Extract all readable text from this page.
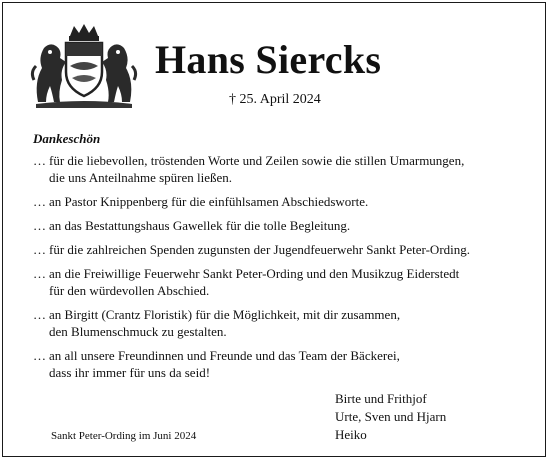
Hans Siercks
† 25. April 2024
Dankeschön
… für die liebevollen, tröstenden Worte und Zeilen sowie die stillen Umarmungen,
die uns Anteilnahme spüren ließen.
… an Pastor Knippenberg für die einfühlsamen Abschiedsworte.
… an das Bestattungshaus Gawellek für die tolle Begleitung.
… für die zahlreichen Spenden zugunsten der Jugendfeuerwehr Sankt Peter-Ording.
… an die Freiwillige Feuerwehr Sankt Peter-Ording und den Musikzug Eiderstedt
für den würdevollen Abschied.
… an Birgitt (Crantz Floristik) für die Möglichkeit, mit dir zusammen,
den Blumenschmuck zu gestalten.
… an all unsere Freundinnen und Freunde und das Team der Bäckerei,
dass ihr immer für uns da seid!
Birte und Frithjof
Urte, Sven und Hjarn
Heiko
Sankt Peter-Ording im Juni 2024
